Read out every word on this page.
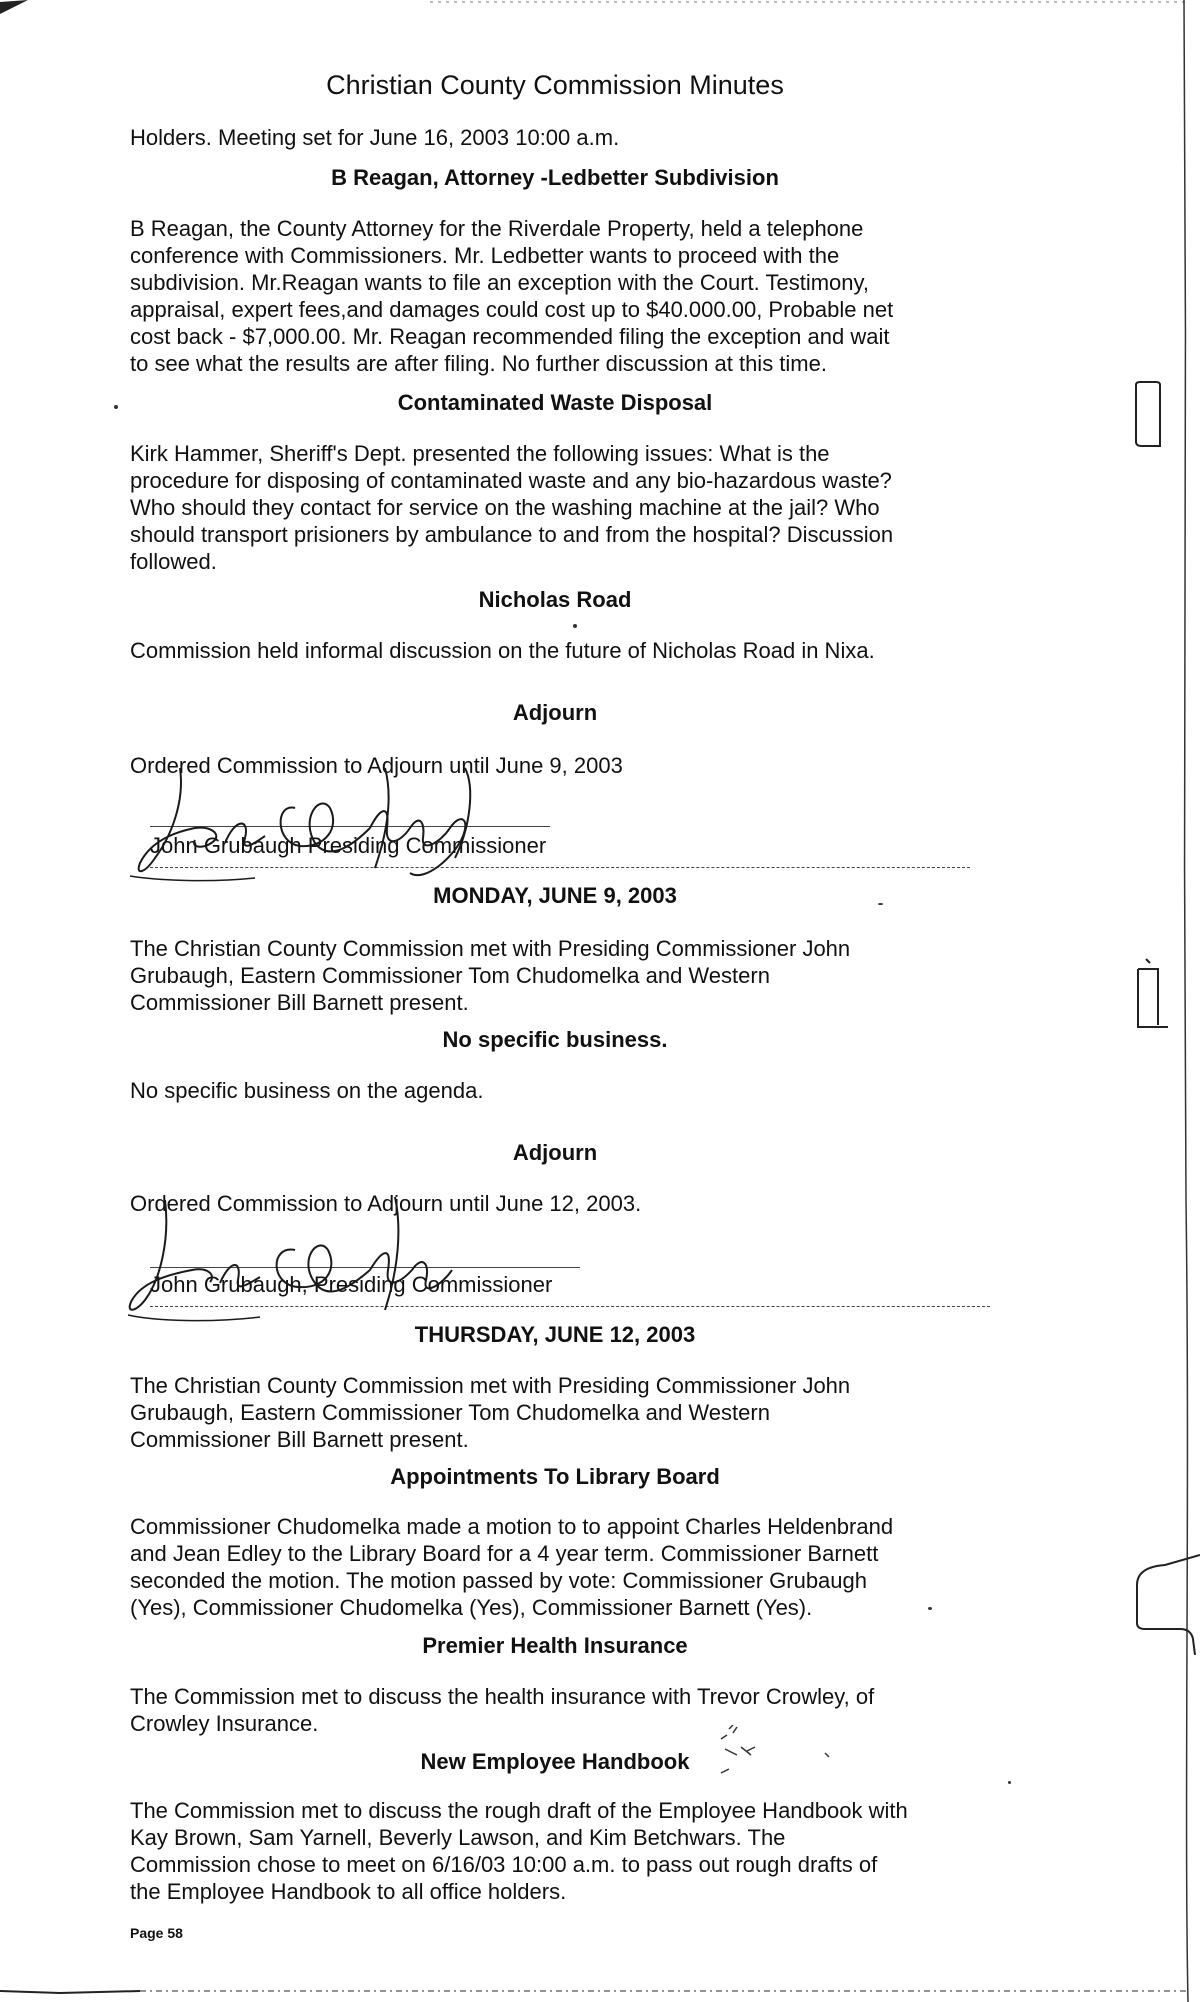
Christian County Commission Minutes
Holders. Meeting set for June 16, 2003 10:00 a.m.
B Reagan, Attorney -Ledbetter Subdivision
B Reagan, the County Attorney for the Riverdale Property, held a telephone
conference with Commissioners. Mr. Ledbetter wants to proceed with the
subdivision. Mr.Reagan wants to file an exception with the Court. Testimony,
appraisal, expert fees,and damages could cost up to $40.000.00, Probable net
cost back - $7,000.00. Mr. Reagan recommended filing the exception and wait
to see what the results are after filing. No further discussion at this time.
Contaminated Waste Disposal
Kirk Hammer, Sheriff's Dept. presented the following issues: What is the
procedure for disposing of contaminated waste and any bio-hazardous waste?
Who should they contact for service on the washing machine at the jail? Who
should transport prisioners by ambulance to and from the hospital? Discussion
followed.
Nicholas Road
Commission held informal discussion on the future of Nicholas Road in Nixa.
Adjourn
Ordered Commission to Adjourn until June 9, 2003
John Grubaugh Presiding Commissioner
MONDAY, JUNE 9, 2003
The Christian County Commission met with Presiding Commissioner John
Grubaugh, Eastern Commissioner Tom Chudomelka and Western
Commissioner Bill Barnett present.
No specific business.
No specific business on the agenda.
Adjourn
Ordered Commission to Adjourn until June 12, 2003.
John Grubaugh, Presiding Commissioner
THURSDAY, JUNE 12, 2003
The Christian County Commission met with Presiding Commissioner John
Grubaugh, Eastern Commissioner Tom Chudomelka and Western
Commissioner Bill Barnett present.
Appointments To Library Board
Commissioner Chudomelka made a motion to to appoint Charles Heldenbrand
and Jean Edley to the Library Board for a 4 year term. Commissioner Barnett
seconded the motion. The motion passed by vote: Commissioner Grubaugh
(Yes), Commissioner Chudomelka (Yes), Commissioner Barnett (Yes).
Premier Health Insurance
The Commission met to discuss the health insurance with Trevor Crowley, of
Crowley Insurance.
New Employee Handbook
The Commission met to discuss the rough draft of the Employee Handbook with
Kay Brown, Sam Yarnell, Beverly Lawson, and Kim Betchwars. The
Commission chose to meet on 6/16/03 10:00 a.m. to pass out rough drafts of
the Employee Handbook to all office holders.
Page 58
